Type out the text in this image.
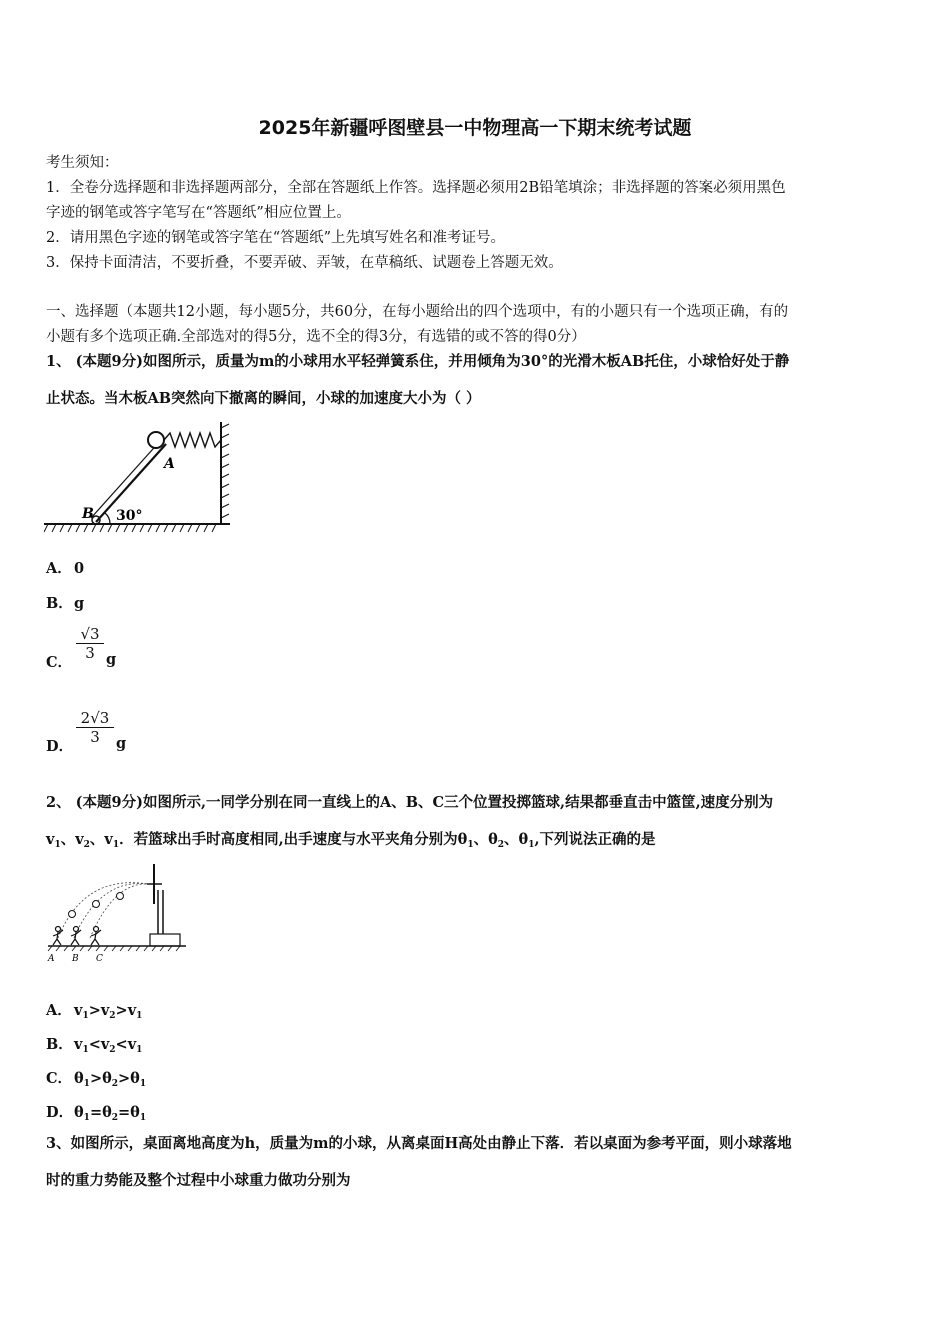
2025年新疆呼图壁县一中物理高一下期末统考试题
考生须知：
1．全卷分选择题和非选择题两部分，全部在答题纸上作答。选择题必须用2B铅笔填涂；非选择题的答案必须用黑色
字迹的钢笔或答字笔写在“答题纸”相应位置上。
2．请用黑色字迹的钢笔或答字笔在“答题纸”上先填写姓名和准考证号。
3．保持卡面清洁，不要折叠，不要弄破、弄皱，在草稿纸、试题卷上答题无效。
一、选择题（本题共12小题，每小题5分，共60分，在每小题给出的四个选项中，有的小题只有一个选项正确，有的
小题有多个选项正确.全部选对的得5分，选不全的得3分，有选错的或不答的得0分）
1、 (本题9分)如图所示，质量为m的小球用水平轻弹簧系住，并用倾角为30°的光滑木板AB托住，小球恰好处于静
止状态。当木板AB突然向下撤离的瞬间，小球的加速度大小为（ ）
A
B 30°
A． 0
B．g
C．
√3
3 g
D．
2√3
3	g
2、 (本题9分)如图所示,一同学分别在同一直线上的A、B、C三个位置投掷篮球,结果都垂直击中篮筐,速度分别为
$v_1$、$v_2$、$v_1$．若篮球出手时高度相同,出手速度与水平夹角分别为$\theta_1$、$\theta_2$、$\theta_1$,下列说法正确的是
A B C
A． $v_1>v_2>v_1$
B．$v_1<v_2<v_1$
C． $\theta_1>\theta_2>\theta_1$
D．$\theta_1=\theta_2=\theta_1$
3、如图所示，桌面离地高度为h，质量为m的小球，从离桌面H高处由静止下落．若以桌面为参考平面，则小球落地
时的重力势能及整个过程中小球重力做功分别为
